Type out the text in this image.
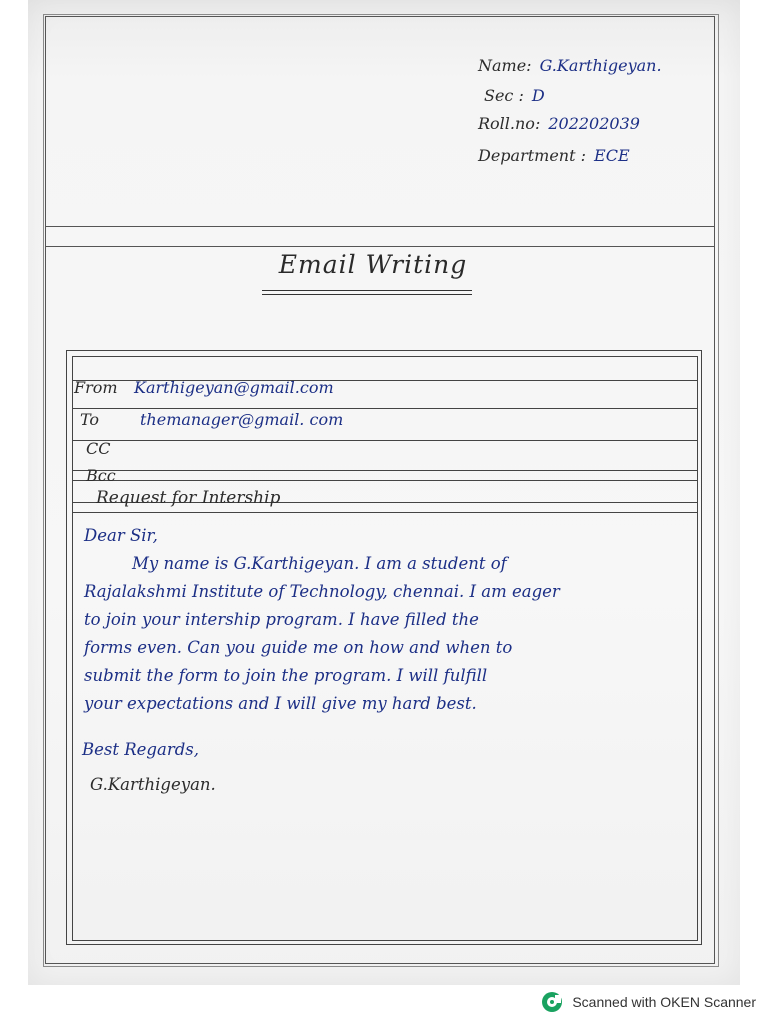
Name: G.Karthigeyan.
Sec : D
Roll.no: 202202039
Department : ECE
Email Writing
From Karthigeyan@gmail.com
To	themanager@gmail. com
CC
Bcc
Request for Intership
Dear Sir,
My name is G.Karthigeyan. I am a student of
Rajalakshmi Institute of Technology, chennai. I am eager
to join your intership program. I have filled the
forms even. Can you guide me on how and when to
submit the form to join the program. I will fulfill
your expectations and I will give my hard best.
Best Regards,
G.Karthigeyan.
Scanned with OKEN Scanner
